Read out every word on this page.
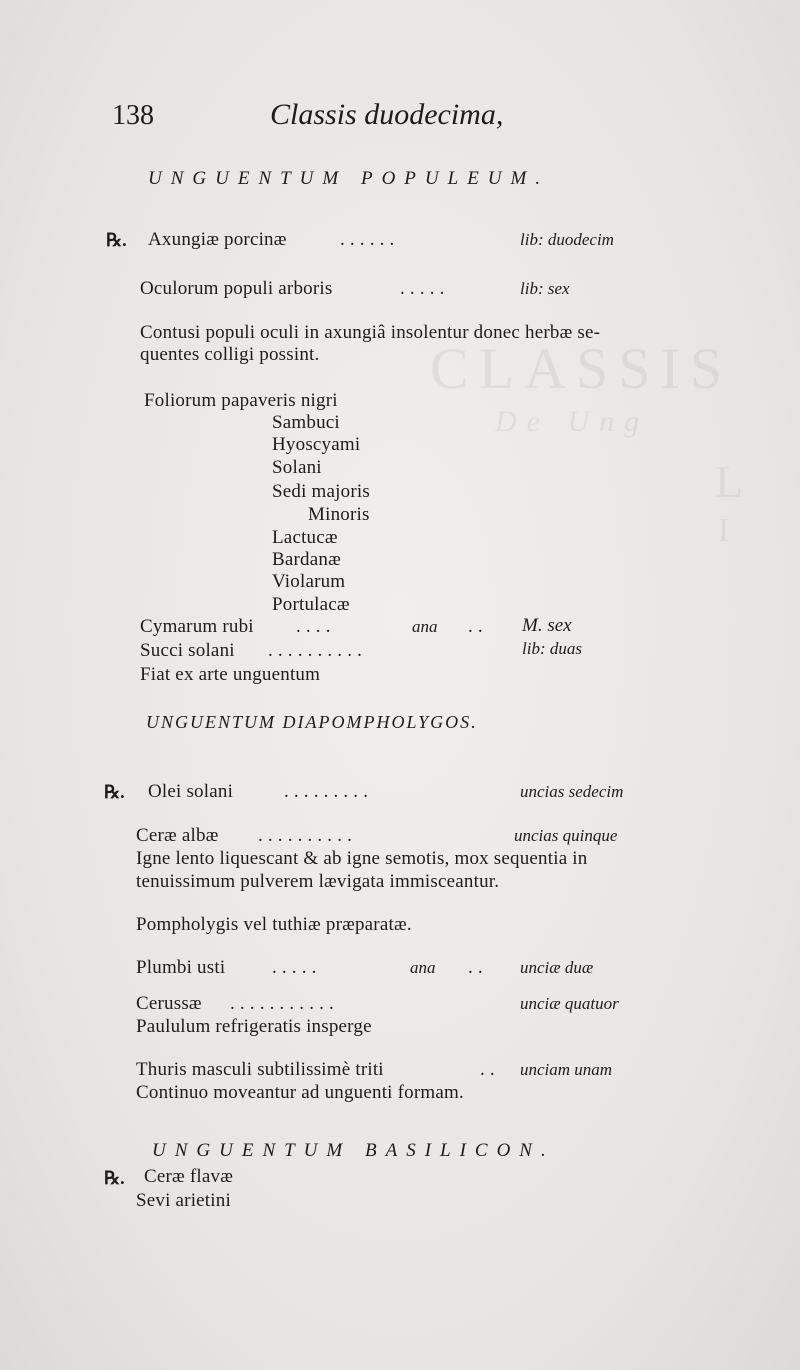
CLASSIS
De Ung
L
I
138	Classis duodecima,
UNGUENTUM POPULEUM.
℞. Axungiæ porcinæ	. . . . . .	lib: duodecim
Oculorum populi arboris	. . . . .	lib: sex
Contusi populi oculi in axungiâ insolentur donec herbæ se-
quentes colligi possint.
Foliorum papaveris nigri
Sambuci
Hyoscyami
Solani
Sedi majoris
Minoris
Lactucæ
Bardanæ
Violarum
Portulacæ
Cymarum rubi . . . .	ana . . M. sex
Succi solani . . . . . . . . . .	lib: duas
Fiat ex arte unguentum
UNGUENTUM DIAPOMPHOLYGOS.
℞. Olei solani	. . . . . . . . .	uncias sedecim
Ceræ albæ . . . . . . . . . .	uncias quinque
Igne lento liquescant & ab igne semotis, mox sequentia in
tenuissimum pulverem lævigata immisceantur.
Pompholygis vel tuthiæ præparatæ.
Plumbi usti . . . . .	ana . . unciæ duæ
Cerussæ . . . . . . . . . . .	unciæ quatuor
Paululum refrigeratis insperge
Thuris masculi subtilissimè triti	. . unciam unam
Continuo moveantur ad unguenti formam.
UNGUENTUM BASILICON.
℞. Ceræ flavæ
Sevi arietini
